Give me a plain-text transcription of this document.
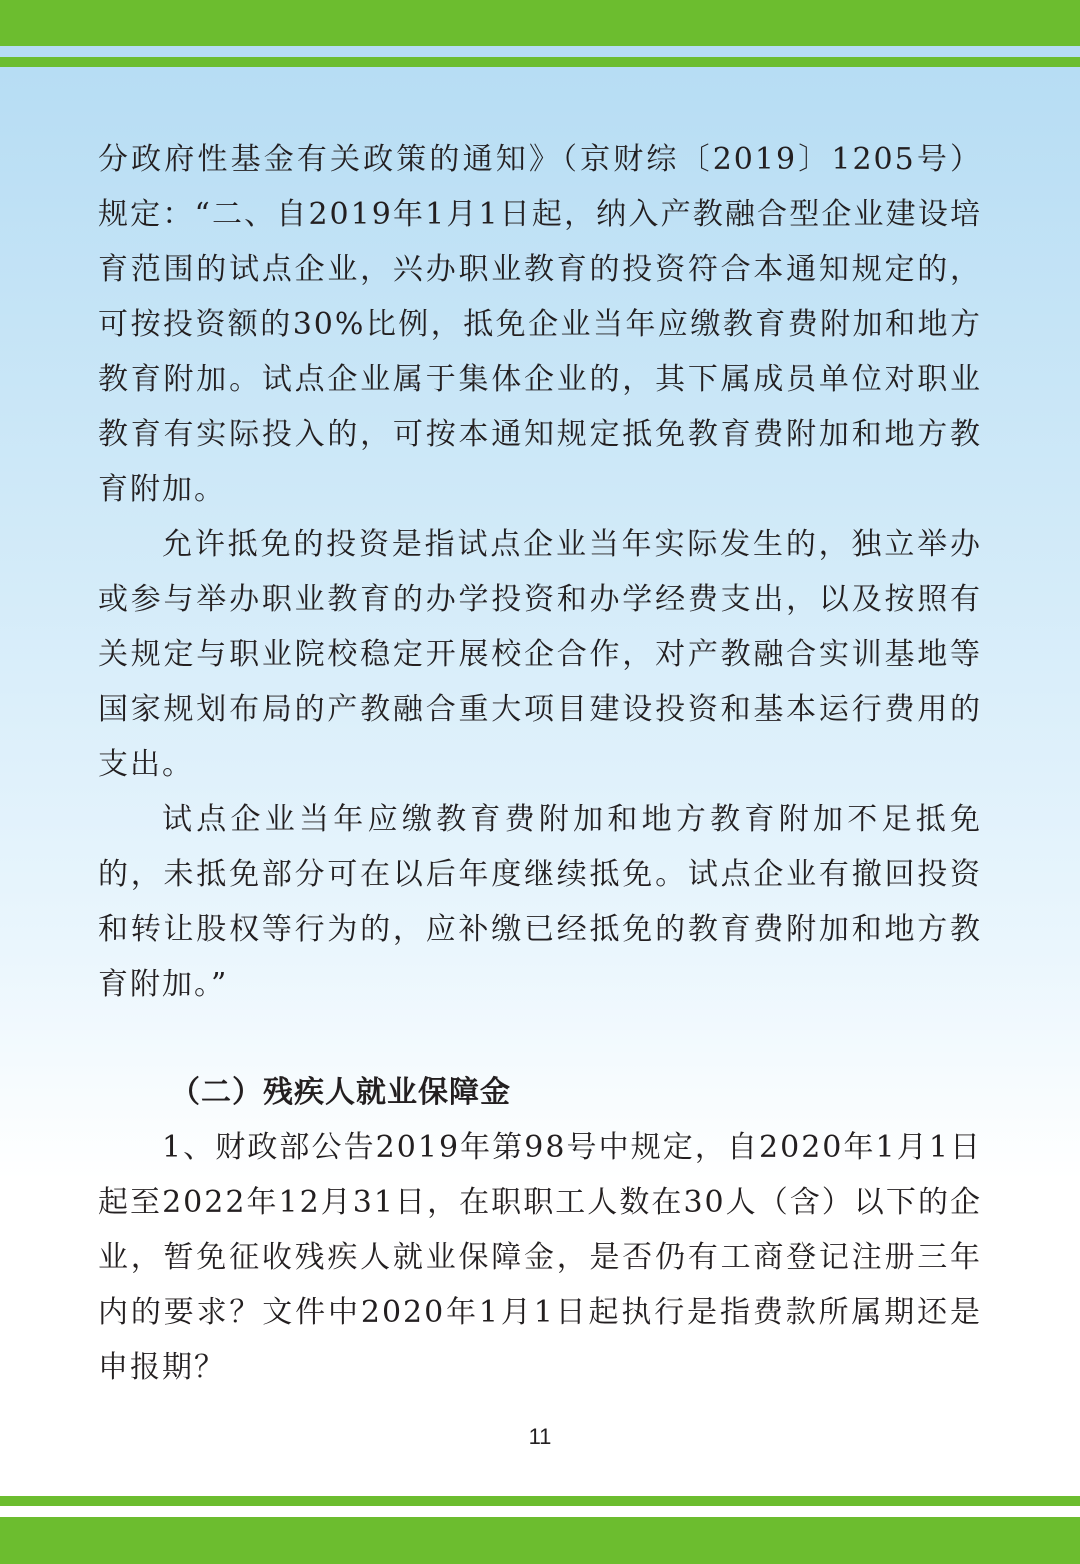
分政府性基金有关政策的通知》（京财综〔2019〕1205号）规定：“二、自2019年1月1日起，纳入产教融合型企业建设培育范围的试点企业，兴办职业教育的投资符合本通知规定的，可按投资额的30%比例，抵免企业当年应缴教育费附加和地方教育附加。试点企业属于集体企业的，其下属成员单位对职业教育有实际投入的，可按本通知规定抵免教育费附加和地方教育附加。

允许抵免的投资是指试点企业当年实际发生的，独立举办或参与举办职业教育的办学投资和办学经费支出，以及按照有关规定与职业院校稳定开展校企合作，对产教融合实训基地等国家规划布局的产教融合重大项目建设投资和基本运行费用的支出。

试点企业当年应缴教育费附加和地方教育附加不足抵免的，未抵免部分可在以后年度继续抵免。试点企业有撤回投资和转让股权等行为的，应补缴已经抵免的教育费附加和地方教育附加。”

（二）残疾人就业保障金

1、财政部公告2019年第98号中规定，自2020年1月1日起至2022年12月31日，在职职工人数在30人（含）以下的企业，暂免征收残疾人就业保障金，是否仍有工商登记注册三年内的要求？文件中2020年1月1日起执行是指费款所属期还是申报期？

11
